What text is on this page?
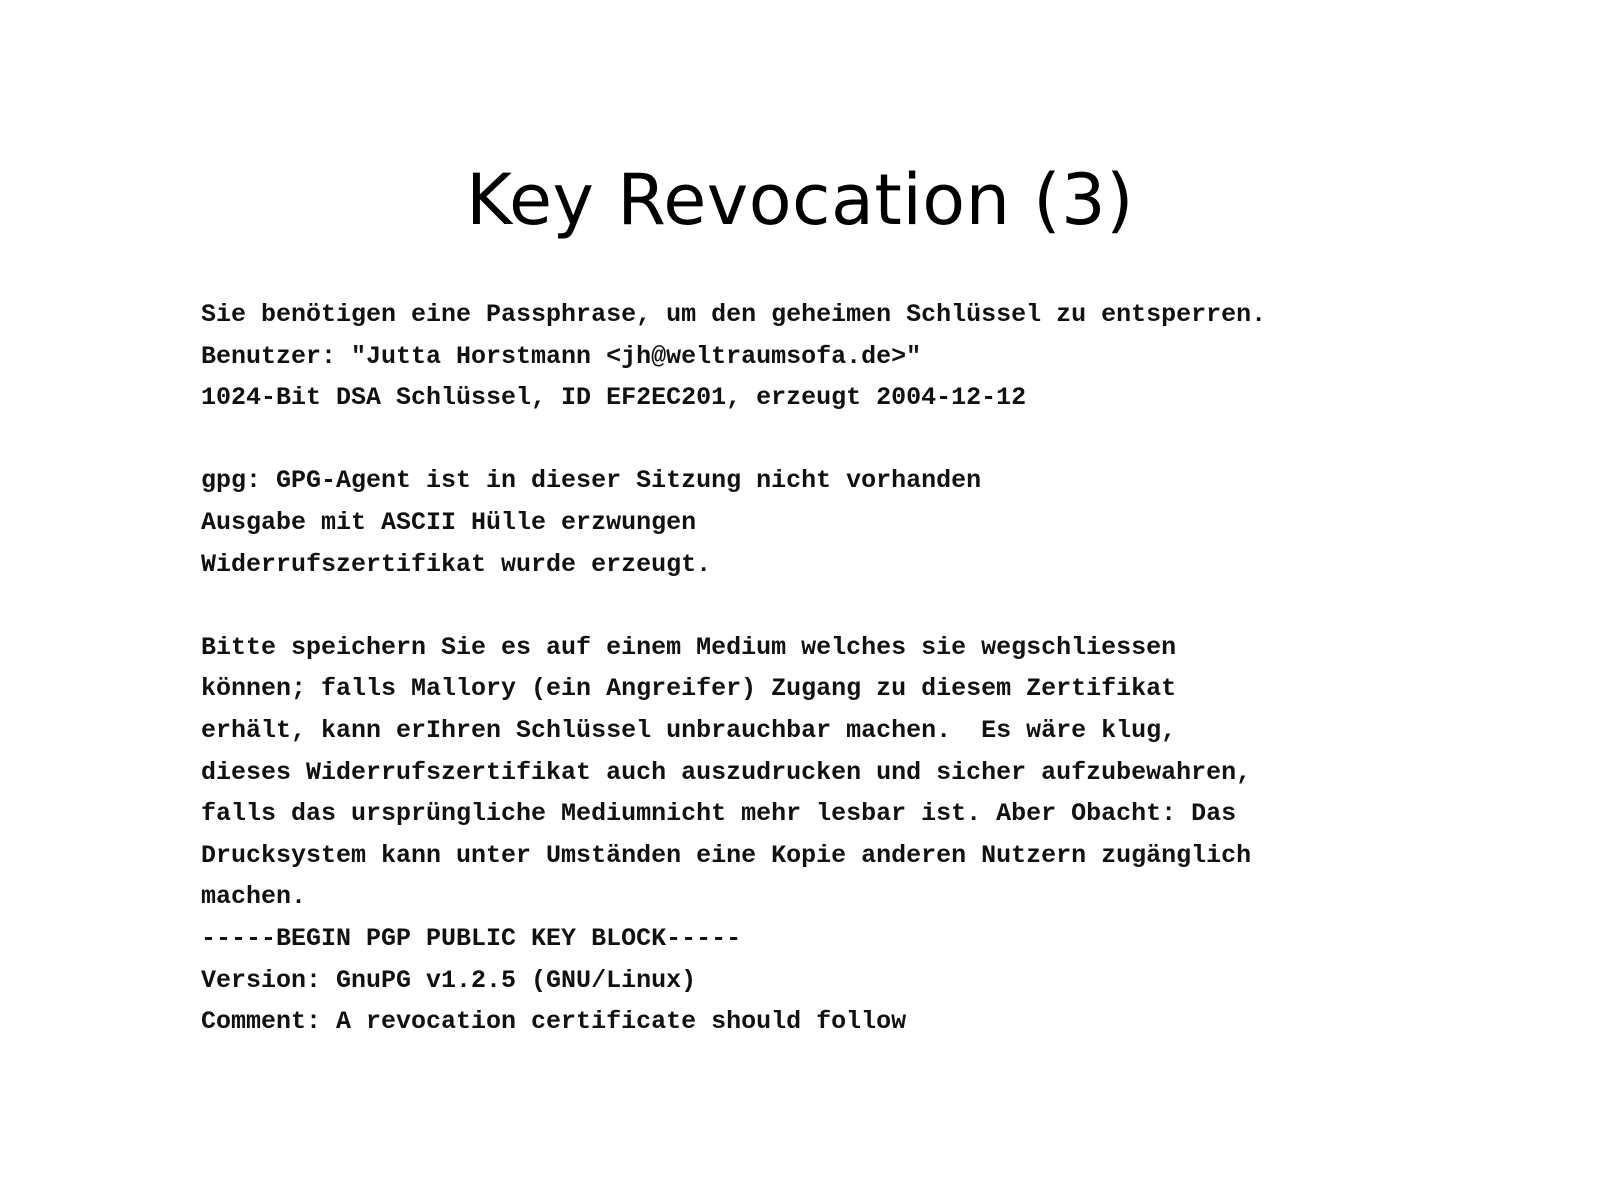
Key Revocation (3)
Sie benötigen eine Passphrase, um den geheimen Schlüssel zu entsperren.
Benutzer: "Jutta Horstmann <jh@weltraumsofa.de>"
1024-Bit DSA Schlüssel, ID EF2EC201, erzeugt 2004-12-12
gpg: GPG-Agent ist in dieser Sitzung nicht vorhanden
Ausgabe mit ASCII Hülle erzwungen
Widerrufszertifikat wurde erzeugt.
Bitte speichern Sie es auf einem Medium welches sie wegschliessen
können; falls Mallory (ein Angreifer) Zugang zu diesem Zertifikat
erhält, kann erIhren Schlüssel unbrauchbar machen.  Es wäre klug,
dieses Widerrufszertifikat auch auszudrucken und sicher aufzubewahren,
falls das ursprüngliche Mediumnicht mehr lesbar ist. Aber Obacht: Das
Drucksystem kann unter Umständen eine Kopie anderen Nutzern zugänglich
machen.
-----BEGIN PGP PUBLIC KEY BLOCK-----
Version: GnuPG v1.2.5 (GNU/Linux)
Comment: A revocation certificate should follow
